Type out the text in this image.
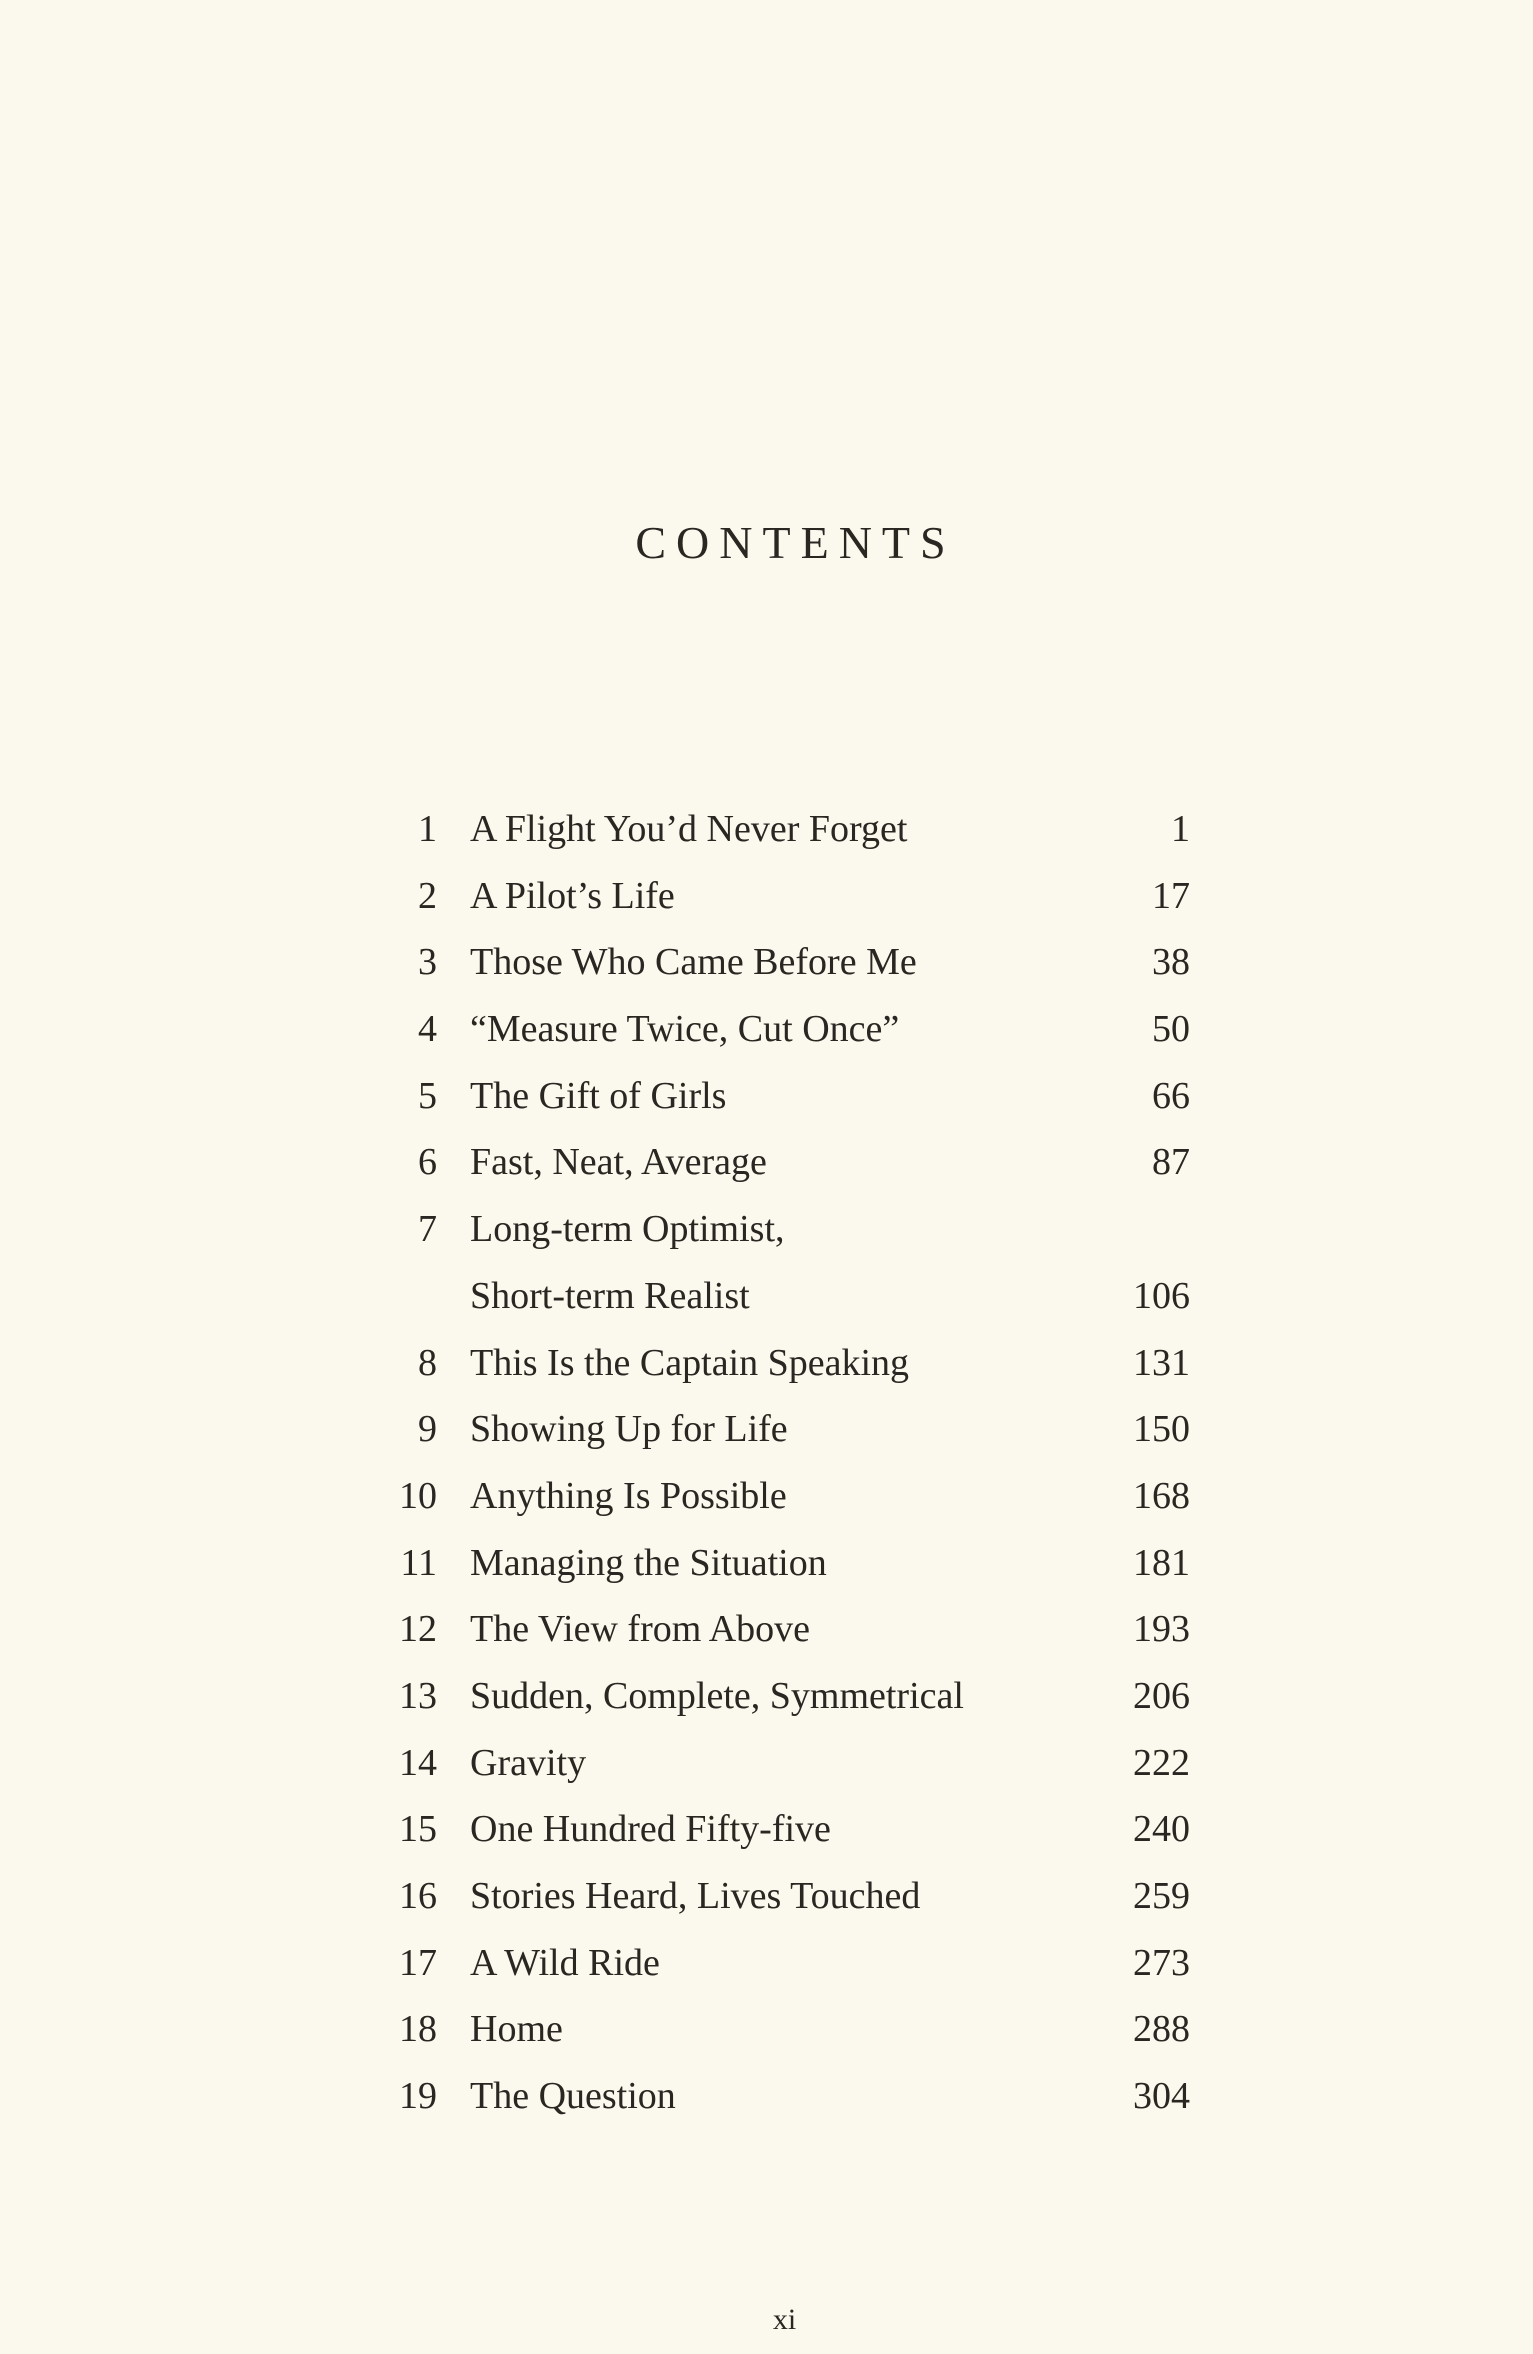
CONTENTS
1 A Flight You’d Never Forget	1
2 A Pilot’s Life	17
3 Those Who Came Before Me	38
4 “Measure Twice, Cut Once”	50
5 The Gift of Girls	66
6 Fast, Neat, Average	87
7 Long-term Optimist,
Short-term Realist	106
8 This Is the Captain Speaking	131
9 Showing Up for Life	150
10 Anything Is Possible	168
11 Managing the Situation	181
12 The View from Above	193
13 Sudden, Complete, Symmetrical	206
14 Gravity	222
15 One Hundred Fifty-five	240
16 Stories Heard, Lives Touched	259
17 A Wild Ride	273
18 Home	288
19 The Question	304
xi
